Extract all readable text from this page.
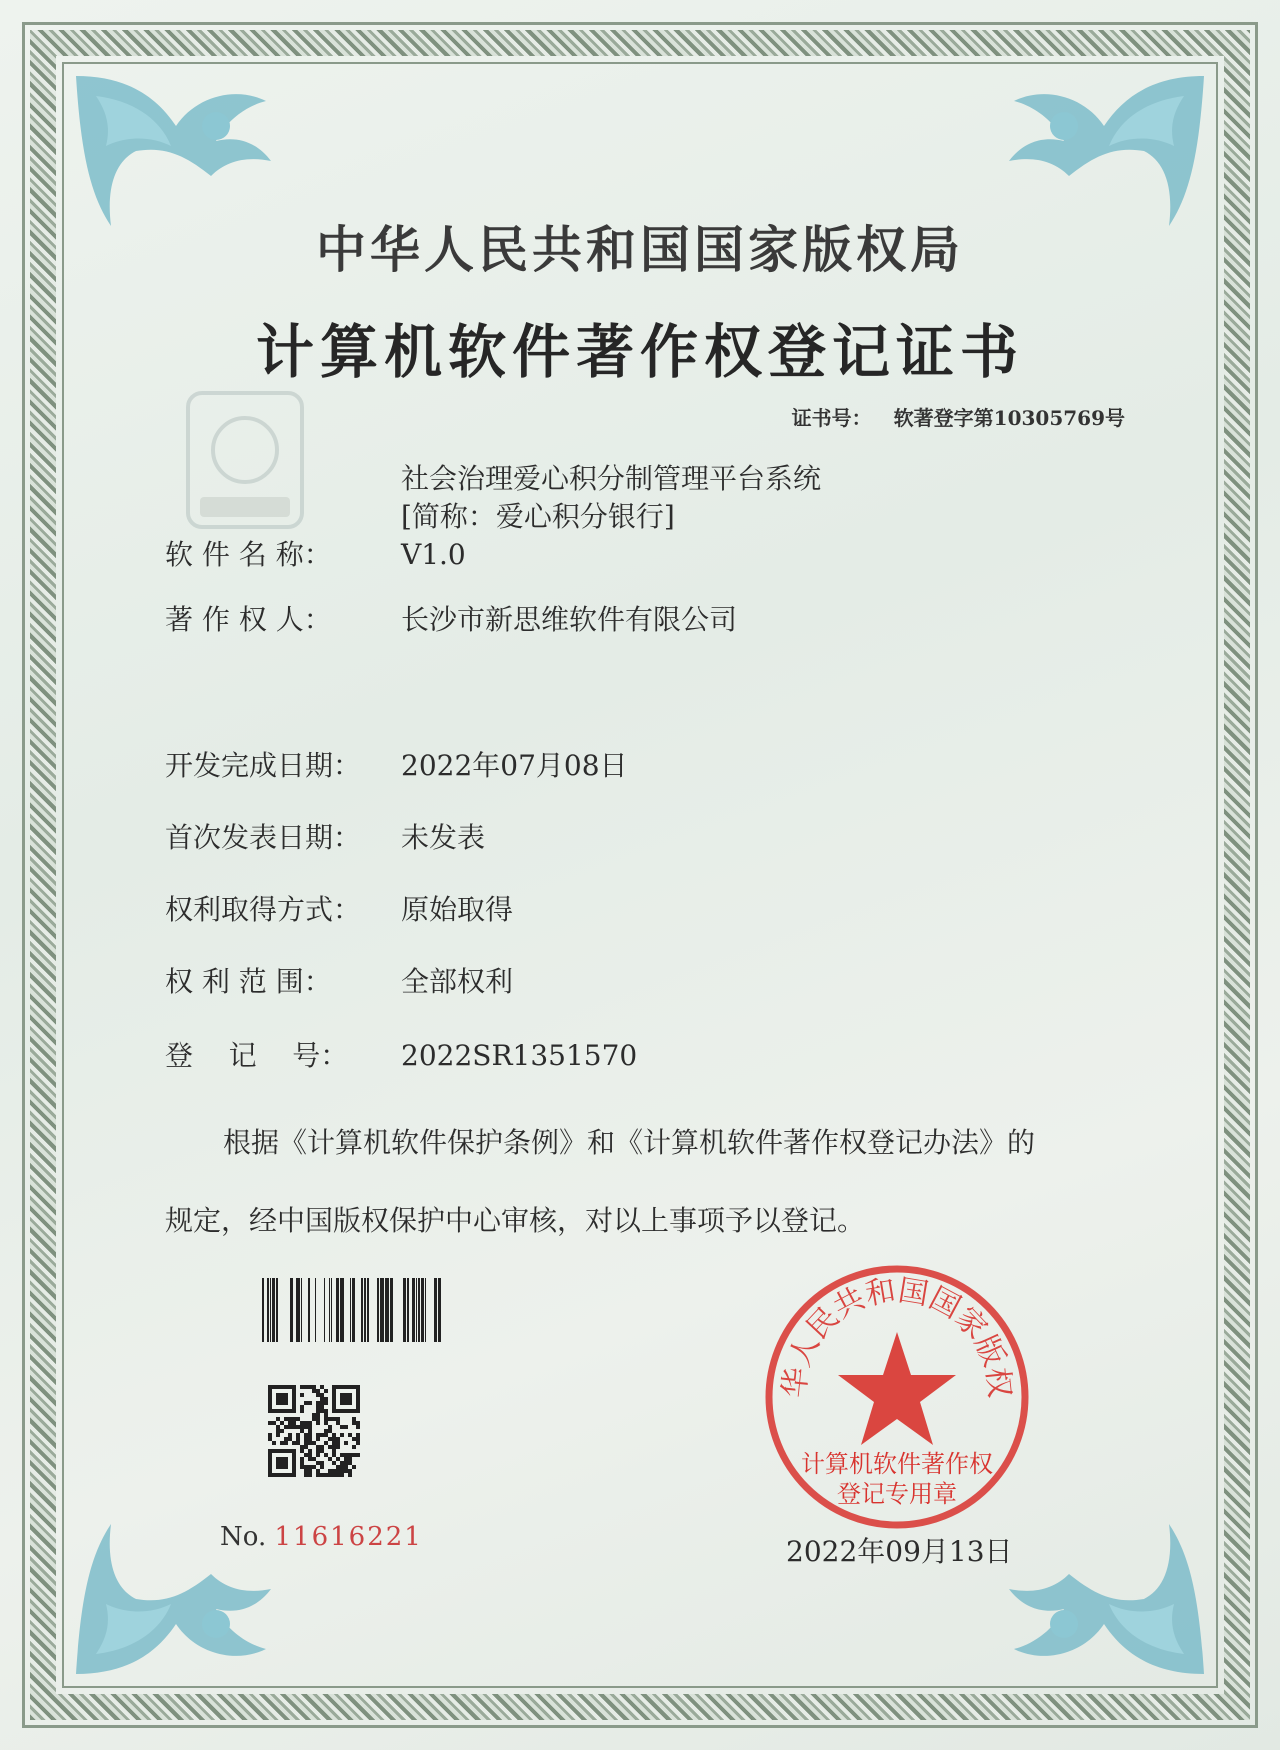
中华人民共和国国家版权局
计算机软件著作权登记证书
证书号： 软著登字第10305769号
软 件 名 称：
社会治理爱心积分制管理平台系统
[简称：爱心积分银行]
V1.0
著 作 权 人： 长沙市新思维软件有限公司
开发完成日期： 2022年07月08日
首次发表日期： 未发表
权利取得方式： 原始取得
权 利 范 围： 全部权利
登    记    号： 2022SR1351570

根据《计算机软件保护条例》和《计算机软件著作权登记办法》的

规定，经中国版权保护中心审核，对以上事项予以登记。

No. 11616221
华人民共和国国家版权
计算机软件著作权
登记专用章
2022年09月13日
